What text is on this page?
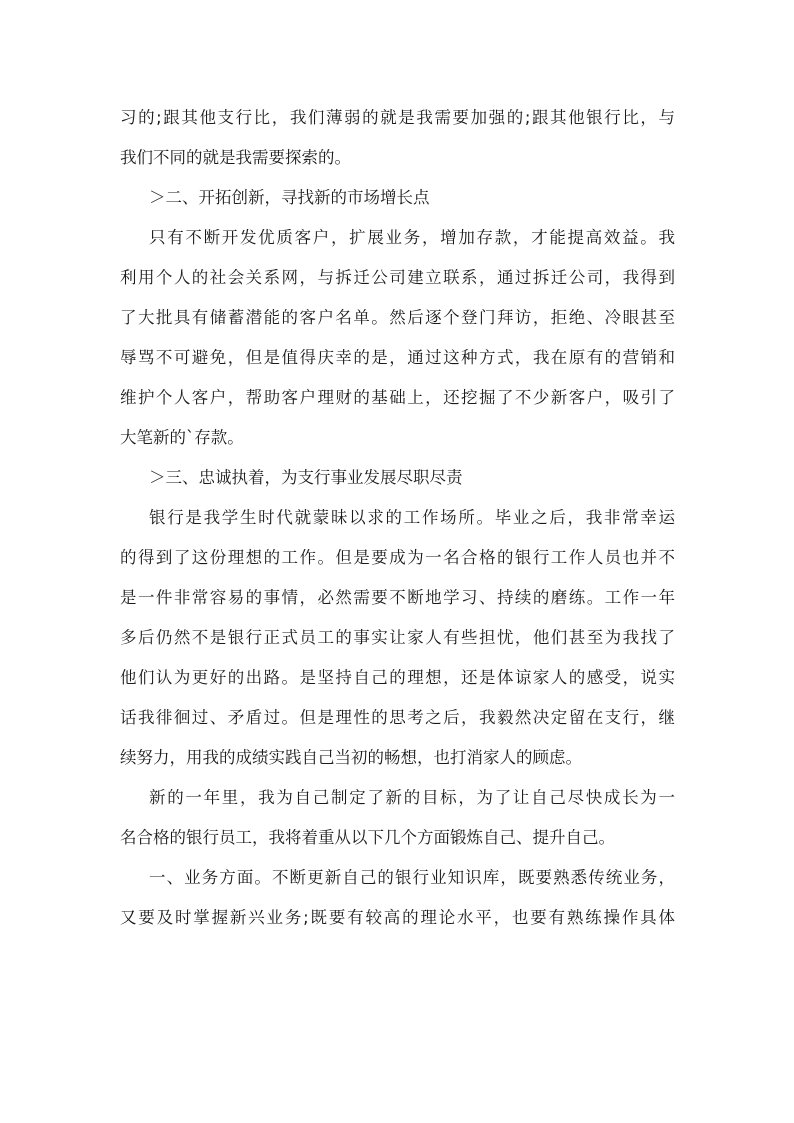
习的;跟其他支行比，我们薄弱的就是我需要加强的;跟其他银行比，与
我们不同的就是我需要探索的。
＞二、开拓创新，寻找新的市场增长点
只有不断开发优质客户，扩展业务，增加存款，才能提高效益。我
利用个人的社会关系网，与拆迁公司建立联系，通过拆迁公司，我得到
了大批具有储蓄潜能的客户名单。然后逐个登门拜访，拒绝、冷眼甚至
辱骂不可避免，但是值得庆幸的是，通过这种方式，我在原有的营销和
维护个人客户，帮助客户理财的基础上，还挖掘了不少新客户，吸引了
大笔新的`存款。
＞三、忠诚执着，为支行事业发展尽职尽责
银行是我学生时代就蒙昧以求的工作场所。毕业之后，我非常幸运
的得到了这份理想的工作。但是要成为一名合格的银行工作人员也并不
是一件非常容易的事情，必然需要不断地学习、持续的磨练。工作一年
多后仍然不是银行正式员工的事实让家人有些担忧，他们甚至为我找了
他们认为更好的出路。是坚持自己的理想，还是体谅家人的感受，说实
话我徘徊过、矛盾过。但是理性的思考之后，我毅然决定留在支行，继
续努力，用我的成绩实践自己当初的畅想，也打消家人的顾虑。
新的一年里，我为自己制定了新的目标，为了让自己尽快成长为一
名合格的银行员工，我将着重从以下几个方面锻炼自己、提升自己。
一、业务方面。不断更新自己的银行业知识库，既要熟悉传统业务，
又要及时掌握新兴业务;既要有较高的理论水平，也要有熟练操作具体
